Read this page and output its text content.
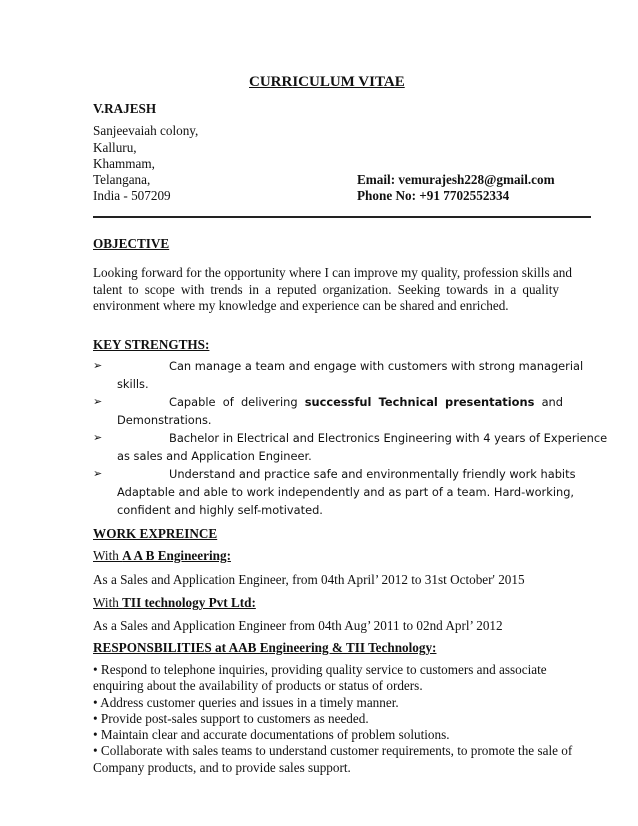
CURRICULUM VITAE
V.RAJESH
Sanjeevaiah colony,
Kalluru,
Khammam,
Telangana,
India - 507209
Email: vemurajesh228@gmail.com
Phone No: +91 7702552334
OBJECTIVE
Looking forward for the opportunity where I can improve my quality, profession skills and
talent to scope with trends in a reputed organization. Seeking towards in a quality
environment where my knowledge and experience can be shared and enriched.
KEY STRENGTHS:
➢	Can manage a team and engage with customers with strong managerial
skills.
➢	Capable of delivering successful Technical presentations and
Demonstrations.
➢	Bachelor in Electrical and Electronics Engineering with 4 years of Experience
as sales and Application Engineer.
➢	Understand and practice safe and environmentally friendly work habits
Adaptable and able to work independently and as part of a team. Hard-working,
confident and highly self-motivated.
WORK EXPREINCE
With A A B Engineering:
As a Sales and Application Engineer, from 04th April’ 2012 to 31st October' 2015
With TII technology Pvt Ltd:
As a Sales and Application Engineer from 04th Aug’ 2011 to 02nd Aprl’ 2012
RESPONSBILITIES at AAB Engineering & TII Technology:
• Respond to telephone inquiries, providing quality service to customers and associate
enquiring about the availability of products or status of orders.
• Address customer queries and issues in a timely manner.
• Provide post-sales support to customers as needed.
• Maintain clear and accurate documentations of problem solutions.
• Collaborate with sales teams to understand customer requirements, to promote the sale of
Company products, and to provide sales support.
